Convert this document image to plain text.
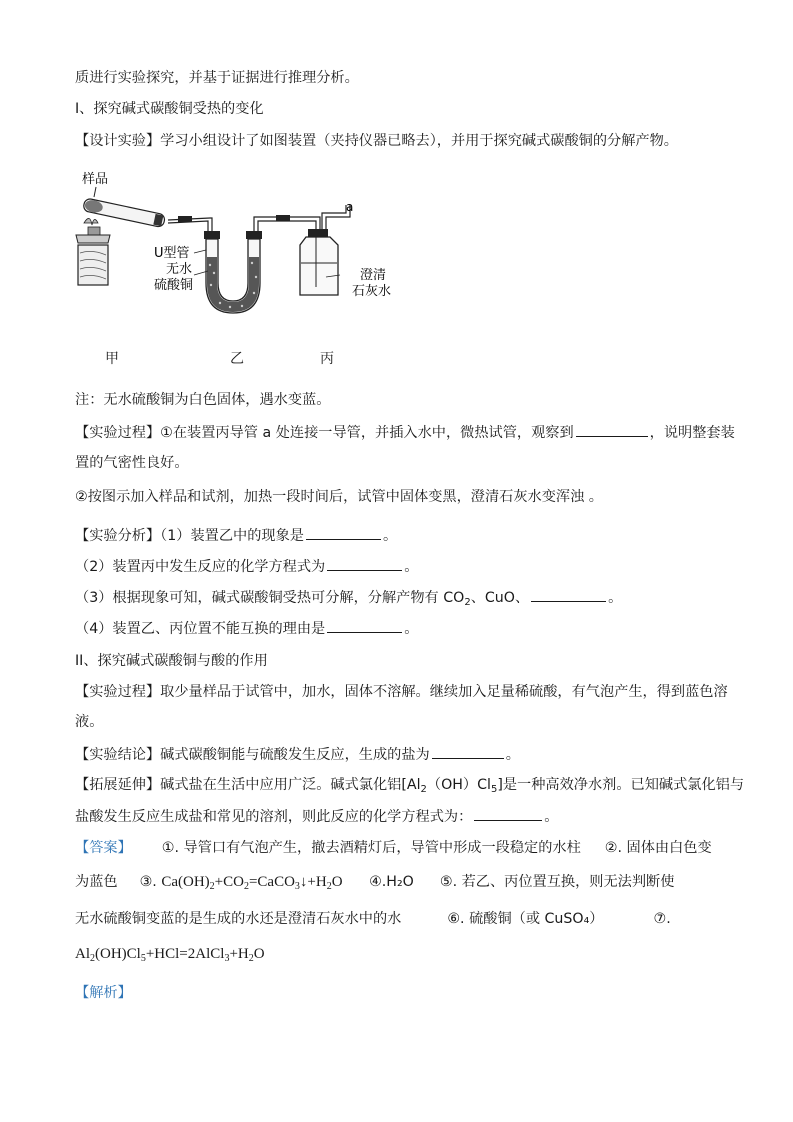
质进行实验探究，并基于证据进行推理分析。
I、探究碱式碳酸铜受热的变化
【设计实验】学习小组设计了如图装置（夹持仪器已略去），并用于探究碱式碳酸铜的分解产物。
样品
U型管
无水
硫酸铜
a
澄清
石灰水
甲	乙	丙
注：无水硫酸铜为白色固体，遇水变蓝。
【实验过程】①在装置丙导管 a 处连接一导管，并插入水中，微热试管，观察到	，说明整套装
置的气密性良好。
②按图示加入样品和试剂，加热一段时间后，试管中固体变黑，澄清石灰水变浑浊 。
【实验分析】（1）装置乙中的现象是	。
（2）装置丙中发生反应的化学方程式为	。
（3）根据现象可知，碱式碳酸铜受热可分解，分解产物有 $CO_2$、CuO、	。
（4）装置乙、丙位置不能互换的理由是	。
II、探究碱式碳酸铜与酸的作用
【实验过程】取少量样品于试管中，加水，固体不溶解。继续加入足量稀硫酸，有气泡产生，得到蓝色溶
液。
【实验结论】碱式碳酸铜能与硫酸发生反应，生成的盐为	。
【拓展延伸】碱式盐在生活中应用广泛。碱式氯化铝$[Al_2(OH)Cl_5]$是一种高效净水剂。已知碱式氯化铝与
盐酸发生反应生成盐和常见的溶剂，则此反应的化学方程式为：	。
【答案】 ①. 导管口有气泡产生，撤去酒精灯后，导管中形成一段稳定的水柱 ②. 固体由白色变
为蓝色 ③. $Ca(OH)_2+CO_2=CaCO_3↓+H_2O$ ④.H₂O ⑤. 若乙、丙位置互换，则无法判断使
无水硫酸铜变蓝的是生成的水还是澄清石灰水中的水	⑥. 硫酸铜（或 CuSO₄）	⑦.
$Al_2(OH)Cl_5+HCl=2AlCl_3+H_2O$
【解析】
